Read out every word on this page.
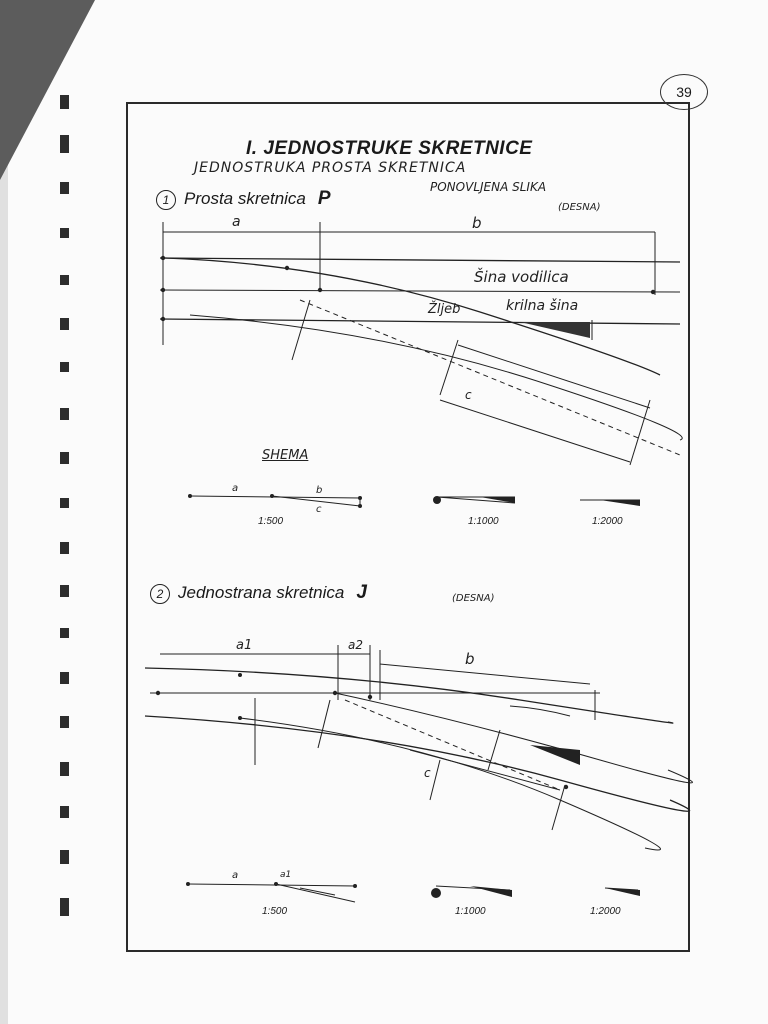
39
I. JEDNOSTRUKE SKRETNICE
JEDNOSTRUKA PROSTA SKRETNICA
PONOVLJENA SLIKA
1 Prosta skretnica P	(DESNA)
a	b
c
Šina vodilica
Žljeb	krilna šina
SHEMA
a	b
c
1:500	1:1000	1:2000
2 Jednostrana skretnica J	(DESNA)
a1	a2
b
c
a	a1
1:500	1:1000	1:2000
